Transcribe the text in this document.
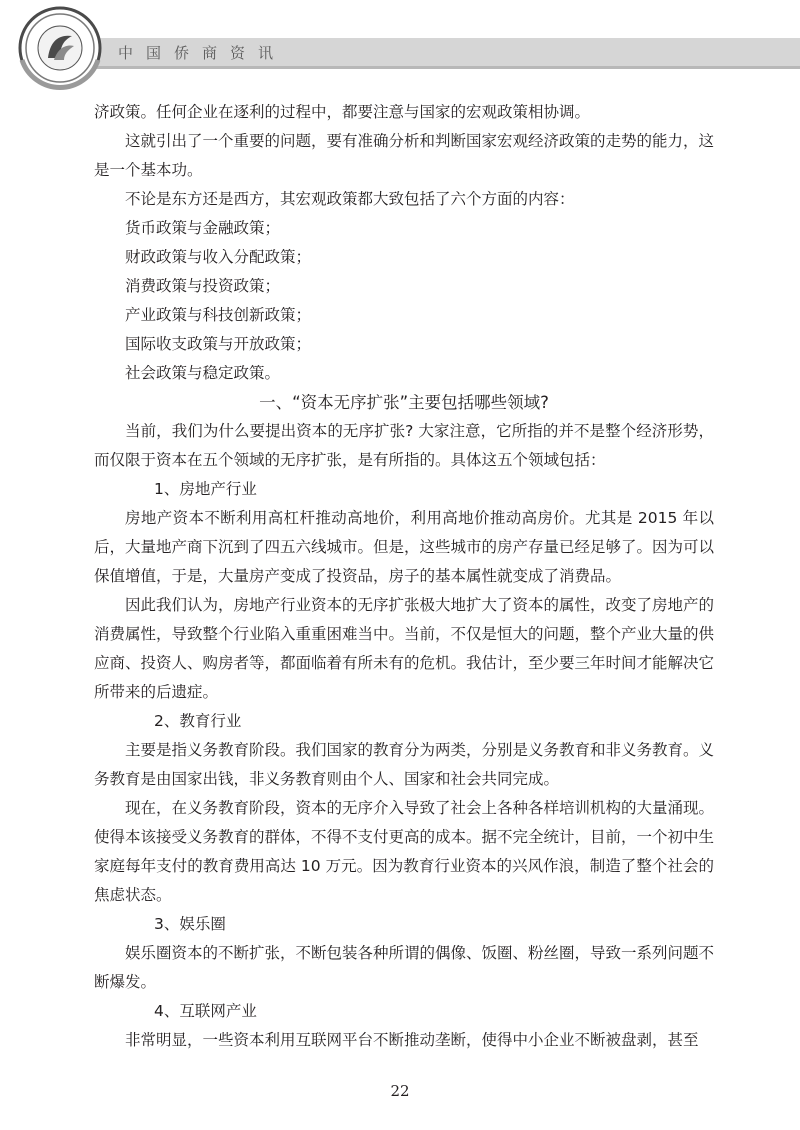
中国侨商资讯

济政策。任何企业在逐利的过程中，都要注意与国家的宏观政策相协调。

这就引出了一个重要的问题，要有准确分析和判断国家宏观经济政策的走势的能力，这是一个基本功。

不论是东方还是西方，其宏观政策都大致包括了六个方面的内容：

货币政策与金融政策；

财政政策与收入分配政策；

消费政策与投资政策；

产业政策与科技创新政策；

国际收支政策与开放政策；

社会政策与稳定政策。

一、“资本无序扩张”主要包括哪些领域?

当前，我们为什么要提出资本的无序扩张? 大家注意，它所指的并不是整个经济形势，而仅限于资本在五个领域的无序扩张，是有所指的。具体这五个领域包括：

1、房地产行业

房地产资本不断利用高杠杆推动高地价，利用高地价推动高房价。尤其是 2015 年以后，大量地产商下沉到了四五六线城市。但是，这些城市的房产存量已经足够了。因为可以保值增值，于是，大量房产变成了投资品，房子的基本属性就变成了消费品。

因此我们认为，房地产行业资本的无序扩张极大地扩大了资本的属性，改变了房地产的消费属性，导致整个行业陷入重重困难当中。当前，不仅是恒大的问题，整个产业大量的供应商、投资人、购房者等，都面临着有所未有的危机。我估计，至少要三年时间才能解决它所带来的后遗症。

2、教育行业

主要是指义务教育阶段。我们国家的教育分为两类，分别是义务教育和非义务教育。义务教育是由国家出钱，非义务教育则由个人、国家和社会共同完成。

现在，在义务教育阶段，资本的无序介入导致了社会上各种各样培训机构的大量涌现。使得本该接受义务教育的群体，不得不支付更高的成本。据不完全统计，目前，一个初中生家庭每年支付的教育费用高达 10 万元。因为教育行业资本的兴风作浪，制造了整个社会的焦虑状态。

3、娱乐圈

娱乐圈资本的不断扩张，不断包装各种所谓的偶像、饭圈、粉丝圈，导致一系列问题不断爆发。

4、互联网产业

非常明显，一些资本利用互联网平台不断推动垄断，使得中小企业不断被盘剥，甚至

22
